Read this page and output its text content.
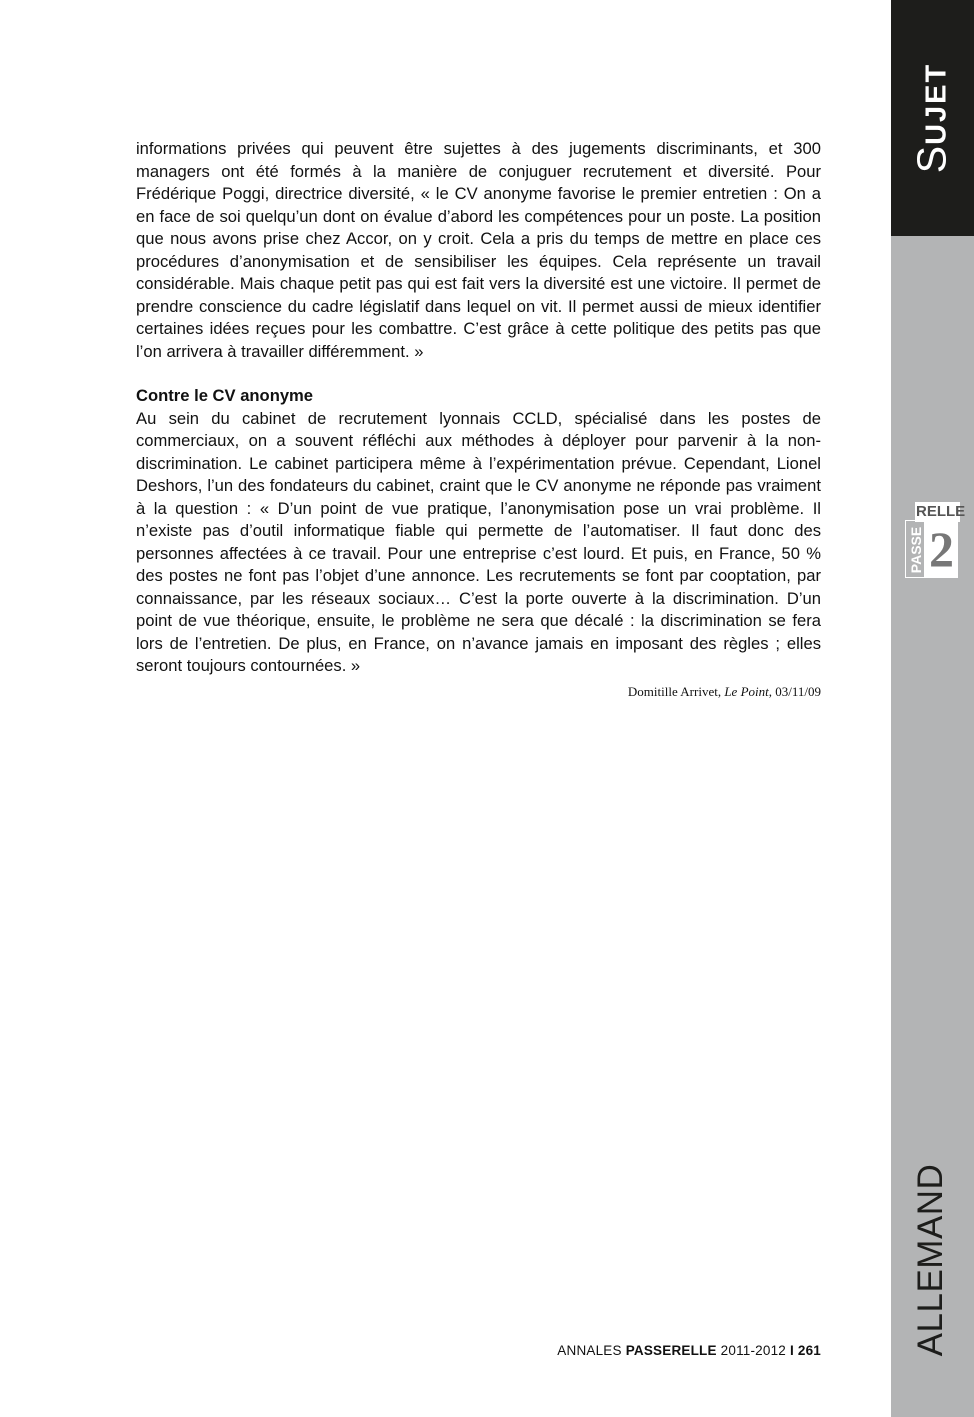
informations privées qui peuvent être sujettes à des jugements discriminants, et 300 managers ont été formés à la manière de conjuguer recrutement et diversité. Pour Frédérique Poggi, directrice diversité, « le CV anonyme favorise le premier entretien : On a en face de soi quelqu’un dont on évalue d’abord les compétences pour un poste. La position que nous avons prise chez Accor, on y croit. Cela a pris du temps de mettre en place ces procédures d’anonymisation et de sensibiliser les équipes. Cela représente un travail considérable. Mais chaque petit pas qui est fait vers la diversité est une victoire. Il permet de prendre conscience du cadre législatif dans lequel on vit. Il permet aussi de mieux identifier certaines idées reçues pour les combattre. C’est grâce à cette politique des petits pas que l’on arrivera à travailler différemment. »

Contre le CV anonyme

Au sein du cabinet de recrutement lyonnais CCLD, spécialisé dans les postes de commerciaux, on a souvent réfléchi aux méthodes à déployer pour parvenir à la non-discrimination. Le cabinet participera même à l’expérimentation prévue. Cependant, Lionel Deshors, l’un des fondateurs du cabinet, craint que le CV anonyme ne réponde pas vraiment à la question : « D’un point de vue pratique, l’anonymisation pose un vrai problème. Il n’existe pas d’outil informatique fiable qui permette de l’automatiser. Il faut donc des personnes affectées à ce travail. Pour une entreprise c’est lourd. Et puis, en France, 50 % des postes ne font pas l’objet d’une annonce. Les recrutements se font par cooptation, par connaissance, par les réseaux sociaux… C’est la porte ouverte à la discrimination. D’un point de vue théorique, ensuite, le problème ne sera que décalé : la discrimination se fera lors de l’entretien. De plus, en France, on n’avance jamais en imposant des règles ; elles seront toujours contournées. »

Domitille Arrivet, Le Point, 03/11/09
ANNALES PASSERELLE 2011-2012 I 261
SUJET
RELLE
PASSE 2
ALLEMAND
